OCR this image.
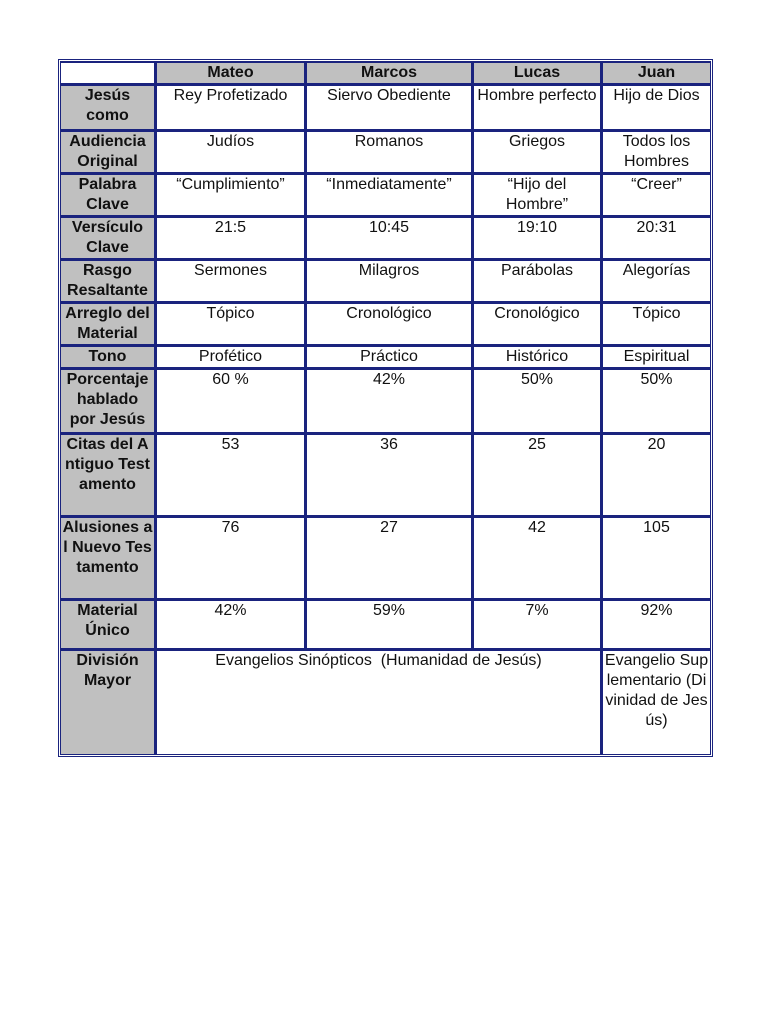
	Mateo	Marcos	Lucas	Juan
Jesús como	Rey Profetizado	Siervo Obediente	Hombre perfecto	Hijo de Dios
Audiencia Original	Judíos	Romanos	Griegos	Todos los Hombres
Palabra Clave	“Cumplimiento”	“Inmediatamente”	“Hijo del Hombre”	“Creer”
Versículo Clave	21:5	10:45	19:10	20:31
Rasgo Resaltante	Sermones	Milagros	Parábolas	Alegorías
Arreglo del Material	Tópico	Cronológico	Cronológico	Tópico
Tono	Profético	Práctico	Histórico	Espiritual
Porcentaje hablado por Jesús	60 %	42%	50%	50%
Citas del Antiguo Testamento	53	36	25	20
Alusiones al Nuevo Testamento	76	27	42	105
Material Único	42%	59%	7%	92%
División Mayor	Evangelios Sinópticos  (Humanidad de Jesús)			Evangelio Suplementario (Divinidad de Jesús)
